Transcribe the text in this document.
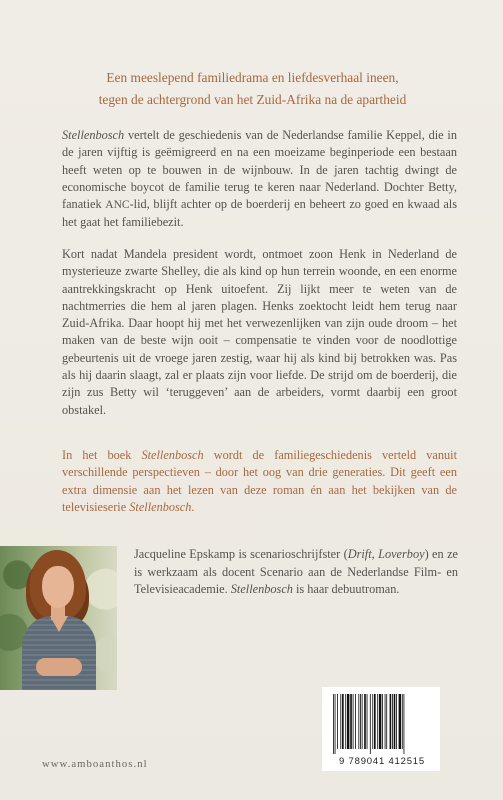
Een meeslepend familiedrama en liefdesverhaal ineen,
tegen de achtergrond van het Zuid-Afrika na de apartheid

Stellenbosch vertelt de geschiedenis van de Nederlandse familie Keppel, die in de jaren vijftig is geëmigreerd en na een moeizame beginperiode een bestaan heeft weten op te bouwen in de wijnbouw. In de jaren tachtig dwingt de economische boycot de familie terug te keren naar Nederland. Dochter Betty, fanatiek ANC-lid, blijft achter op de boerderij en beheert zo goed en kwaad als het gaat het familiebezit.

Kort nadat Mandela president wordt, ontmoet zoon Henk in Nederland de mysterieuze zwarte Shelley, die als kind op hun terrein woonde, en een enorme aantrekkingskracht op Henk uitoefent. Zij lijkt meer te weten van de nachtmerries die hem al jaren plagen. Henks zoektocht leidt hem terug naar Zuid-Afrika. Daar hoopt hij met het verwezenlijken van zijn oude droom – het maken van de beste wijn ooit – compensatie te vinden voor de noodlottige gebeurtenis uit de vroege jaren zestig, waar hij als kind bij betrokken was. Pas als hij daarin slaagt, zal er plaats zijn voor liefde. De strijd om de boerderij, die zijn zus Betty wil ‘teruggeven’ aan de arbeiders, vormt daarbij een groot obstakel.

In het boek Stellenbosch wordt de familiegeschiedenis verteld vanuit verschillende perspectieven – door het oog van drie generaties. Dit geeft een extra dimensie aan het lezen van deze roman én aan het bekijken van de televisieserie Stellenbosch.

Jacqueline Epskamp is scenarioschrijfster (Drift, Loverboy) en ze is werkzaam als docent Scenario aan de Nederlandse Film- en Televisieacademie. Stellenbosch is haar debuutroman.

9 789041 412515
www.amboanthos.nl
